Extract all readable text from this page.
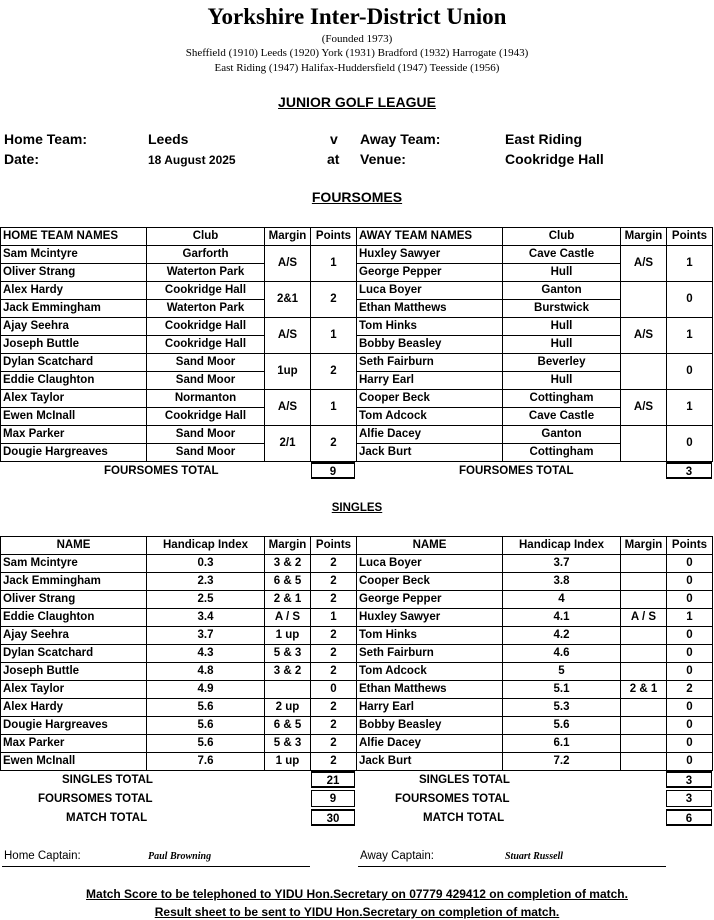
Yorkshire Inter-District Union
(Founded 1973)
Sheffield (1910) Leeds (1920) York (1931) Bradford (1932) Harrogate (1943)
East Riding (1947) Halifax-Huddersfield (1947) Teesside (1956)
JUNIOR GOLF LEAGUE
Home Team:	Leeds	v Away Team:	East Riding
Date:	18 August 2025	at Venue:	Cookridge Hall
FOURSOMES
HOME TEAM NAMES	Club	Margin	Points	AWAY TEAM NAMES	Club	Margin	Points
Sam Mcintyre	Garforth	A/S	1	Huxley Sawyer	Cave Castle	A/S	1
Oliver Strang	Waterton Park			George Pepper	Hull		
Alex Hardy	Cookridge Hall	2&1	2	Luca Boyer	Ganton		0
Jack Emmingham	Waterton Park			Ethan Matthews	Burstwick		
Ajay Seehra	Cookridge Hall	A/S	1	Tom Hinks	Hull	A/S	1
Joseph Buttle	Cookridge Hall			Bobby Beasley	Hull		
Dylan Scatchard	Sand Moor	1up	2	Seth Fairburn	Beverley		0
Eddie Claughton	Sand Moor			Harry Earl	Hull		
Alex Taylor	Normanton	A/S	1	Cooper Beck	Cottingham	A/S	1
Ewen McInall	Cookridge Hall			Tom Adcock	Cave Castle		
Max Parker	Sand Moor	2/1	2	Alfie Dacey	Ganton		0
Dougie Hargreaves	Sand Moor			Jack Burt	Cottingham		
FOURSOMES TOTAL	9	FOURSOMES TOTAL	3
SINGLES
NAME	Handicap Index	Margin	Points	NAME	Handicap Index	Margin	Points
Sam Mcintyre	0.3	3 & 2	2	Luca Boyer	3.7		0
Jack Emmingham	2.3	6 & 5	2	Cooper Beck	3.8		0
Oliver Strang	2.5	2 & 1	2	George Pepper	4		0
Eddie Claughton	3.4	A / S	1	Huxley Sawyer	4.1	A / S	1
Ajay Seehra	3.7	1 up	2	Tom Hinks	4.2		0
Dylan Scatchard	4.3	5 & 3	2	Seth Fairburn	4.6		0
Joseph Buttle	4.8	3 & 2	2	Tom Adcock	5		0
Alex Taylor	4.9		0	Ethan Matthews	5.1	2 & 1	2
Alex Hardy	5.6	2 up	2	Harry Earl	5.3		0
Dougie Hargreaves	5.6	6 & 5	2	Bobby Beasley	5.6		0
Max Parker	5.6	5 & 3	2	Alfie Dacey	6.1		0
Ewen McInall	7.6	1 up	2	Jack Burt	7.2		0
SINGLES TOTAL	21	SINGLES TOTAL	3
FOURSOMES TOTAL	9	FOURSOMES TOTAL	3
MATCH TOTAL	30	MATCH TOTAL	6
Home Captain:	Paul Browning	Away Captain:	Stuart Russell
Match Score to be telephoned to YIDU Hon.Secretary on 07779 429412 on completion of match.
Result sheet to be sent to YIDU Hon.Secretary on completion of match.
